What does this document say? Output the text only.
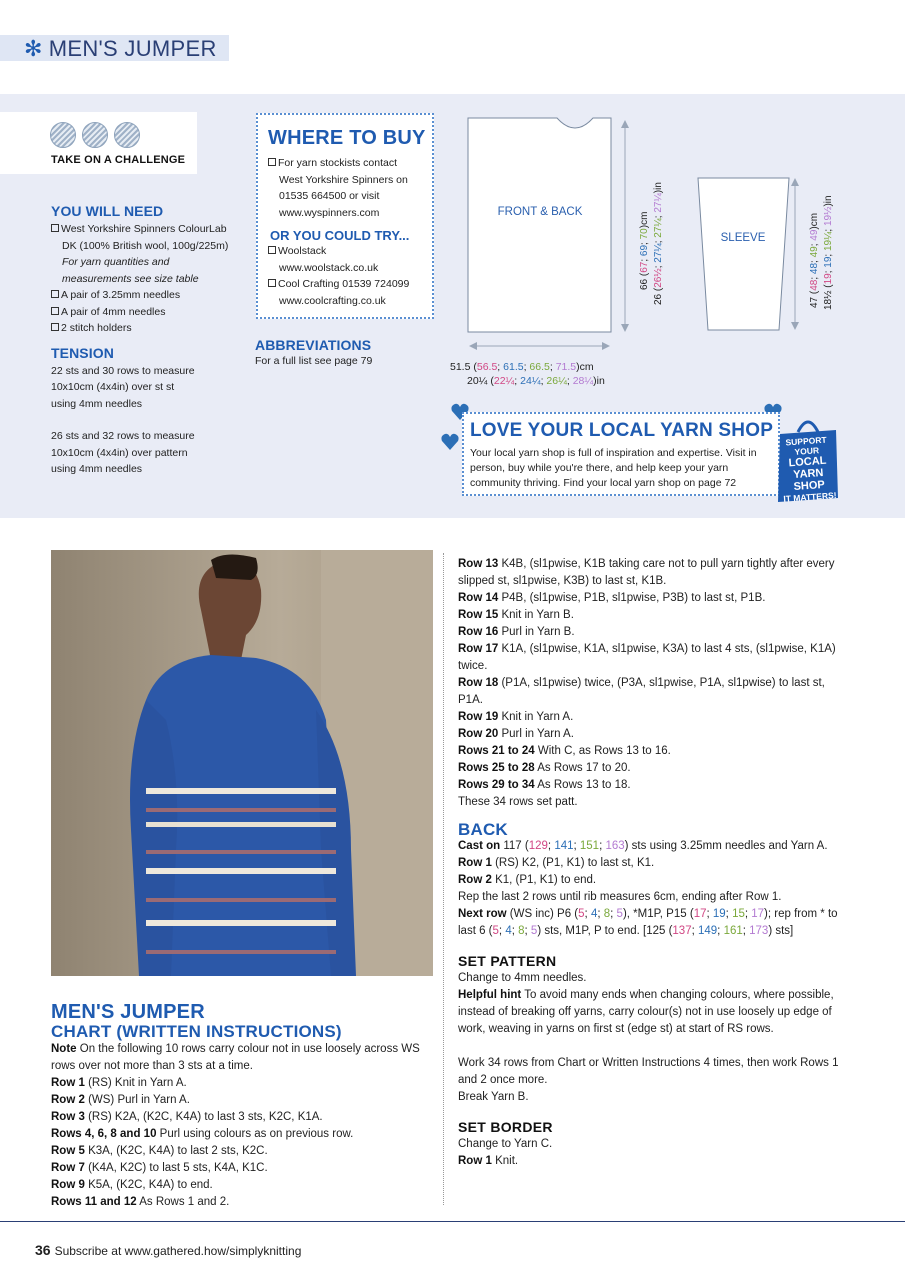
✻ MEN'S JUMPER
TAKE ON A CHALLENGE
YOU WILL NEED
West Yorkshire Spinners ColourLab
DK (100% British wool, 100g/225m)
For yarn quantities and
measurements see size table
A pair of 3.25mm needles
A pair of 4mm needles
2 stitch holders
TENSION
22 sts and 30 rows to measure
10x10cm (4x4in) over st st
using 4mm needles
26 sts and 32 rows to measure
10x10cm (4x4in) over pattern
using 4mm needles
WHERE TO BUY
For yarn stockists contact
West Yorkshire Spinners on
01535 664500 or visit
www.wyspinners.com
OR YOU COULD TRY...
Woolstack
www.woolstack.co.uk
Cool Crafting 01539 724099
www.coolcrafting.co.uk
ABBREVIATIONS
For a full list see page 79
FRONT & BACK
SLEEVE
66 (67; 69; 70)cm
26 (26½; 27¼; 27¼; 27¼)in
47 (48; 48; 49; 49)cm
18½ (19; 19; 19¼; 19½)in
51.5 (56.5; 61.5; 66.5; 71.5)cm
20¼ (22¼; 24¼; 26¼; 28¼)in
LOVE YOUR LOCAL YARN SHOP
Your local yarn shop is full of inspiration and expertise. Visit in person, buy while you're there, and help keep your yarn community thriving. Find your local yarn shop on page 72
SUPPORT YOUR
LOCAL
YARN
SHOP
IT MATTERS!
MEN'S JUMPER
CHART (WRITTEN INSTRUCTIONS)
Note On the following 10 rows carry colour not in use loosely across WS rows over not more than 3 sts at a time.
Row 1 (RS) Knit in Yarn A.
Row 2 (WS) Purl in Yarn A.
Row 3 (RS) K2A, (K2C, K4A) to last 3 sts, K2C, K1A.
Rows 4, 6, 8 and 10 Purl using colours as on previous row.
Row 5 K3A, (K2C, K4A) to last 2 sts, K2C.
Row 7 (K4A, K2C) to last 5 sts, K4A, K1C.
Row 9 K5A, (K2C, K4A) to end.
Rows 11 and 12 As Rows 1 and 2.
Row 13 K4B, (sl1pwise, K1B taking care not to pull yarn tightly after every slipped st, sl1pwise, K3B) to last st, K1B.
Row 14 P4B, (sl1pwise, P1B, sl1pwise, P3B) to last st, P1B.
Row 15 Knit in Yarn B.
Row 16 Purl in Yarn B.
Row 17 K1A, (sl1pwise, K1A, sl1pwise, K3A) to last 4 sts, (sl1pwise, K1A) twice.
Row 18 (P1A, sl1pwise) twice, (P3A, sl1pwise, P1A, sl1pwise) to last st, P1A.
Row 19 Knit in Yarn A.
Row 20 Purl in Yarn A.
Rows 21 to 24 With C, as Rows 13 to 16.
Rows 25 to 28 As Rows 17 to 20.
Rows 29 to 34 As Rows 13 to 18.
These 34 rows set patt.
BACK
Cast on 117 (129; 141; 151; 163) sts using 3.25mm needles and Yarn A.
Row 1 (RS) K2, (P1, K1) to last st, K1.
Row 2 K1, (P1, K1) to end.
Rep the last 2 rows until rib measures 6cm, ending after Row 1.
Next row (WS inc) P6 (5; 4; 8; 5), *M1P, P15 (17; 19; 15; 17); rep from * to last 6 (5; 4; 8; 5) sts, M1P, P to end. [125 (137; 149; 161; 173) sts]
SET PATTERN
Change to 4mm needles.
Helpful hint To avoid many ends when changing colours, where possible, instead of breaking off yarns, carry colour(s) not in use loosely up edge of work, weaving in yarns on first st (edge st) at start of RS rows.
Work 34 rows from Chart or Written Instructions 4 times, then work Rows 1 and 2 once more.
Break Yarn B.
SET BORDER
Change to Yarn C.
Row 1 Knit.
36 Subscribe at www.gathered.how/simplyknitting
